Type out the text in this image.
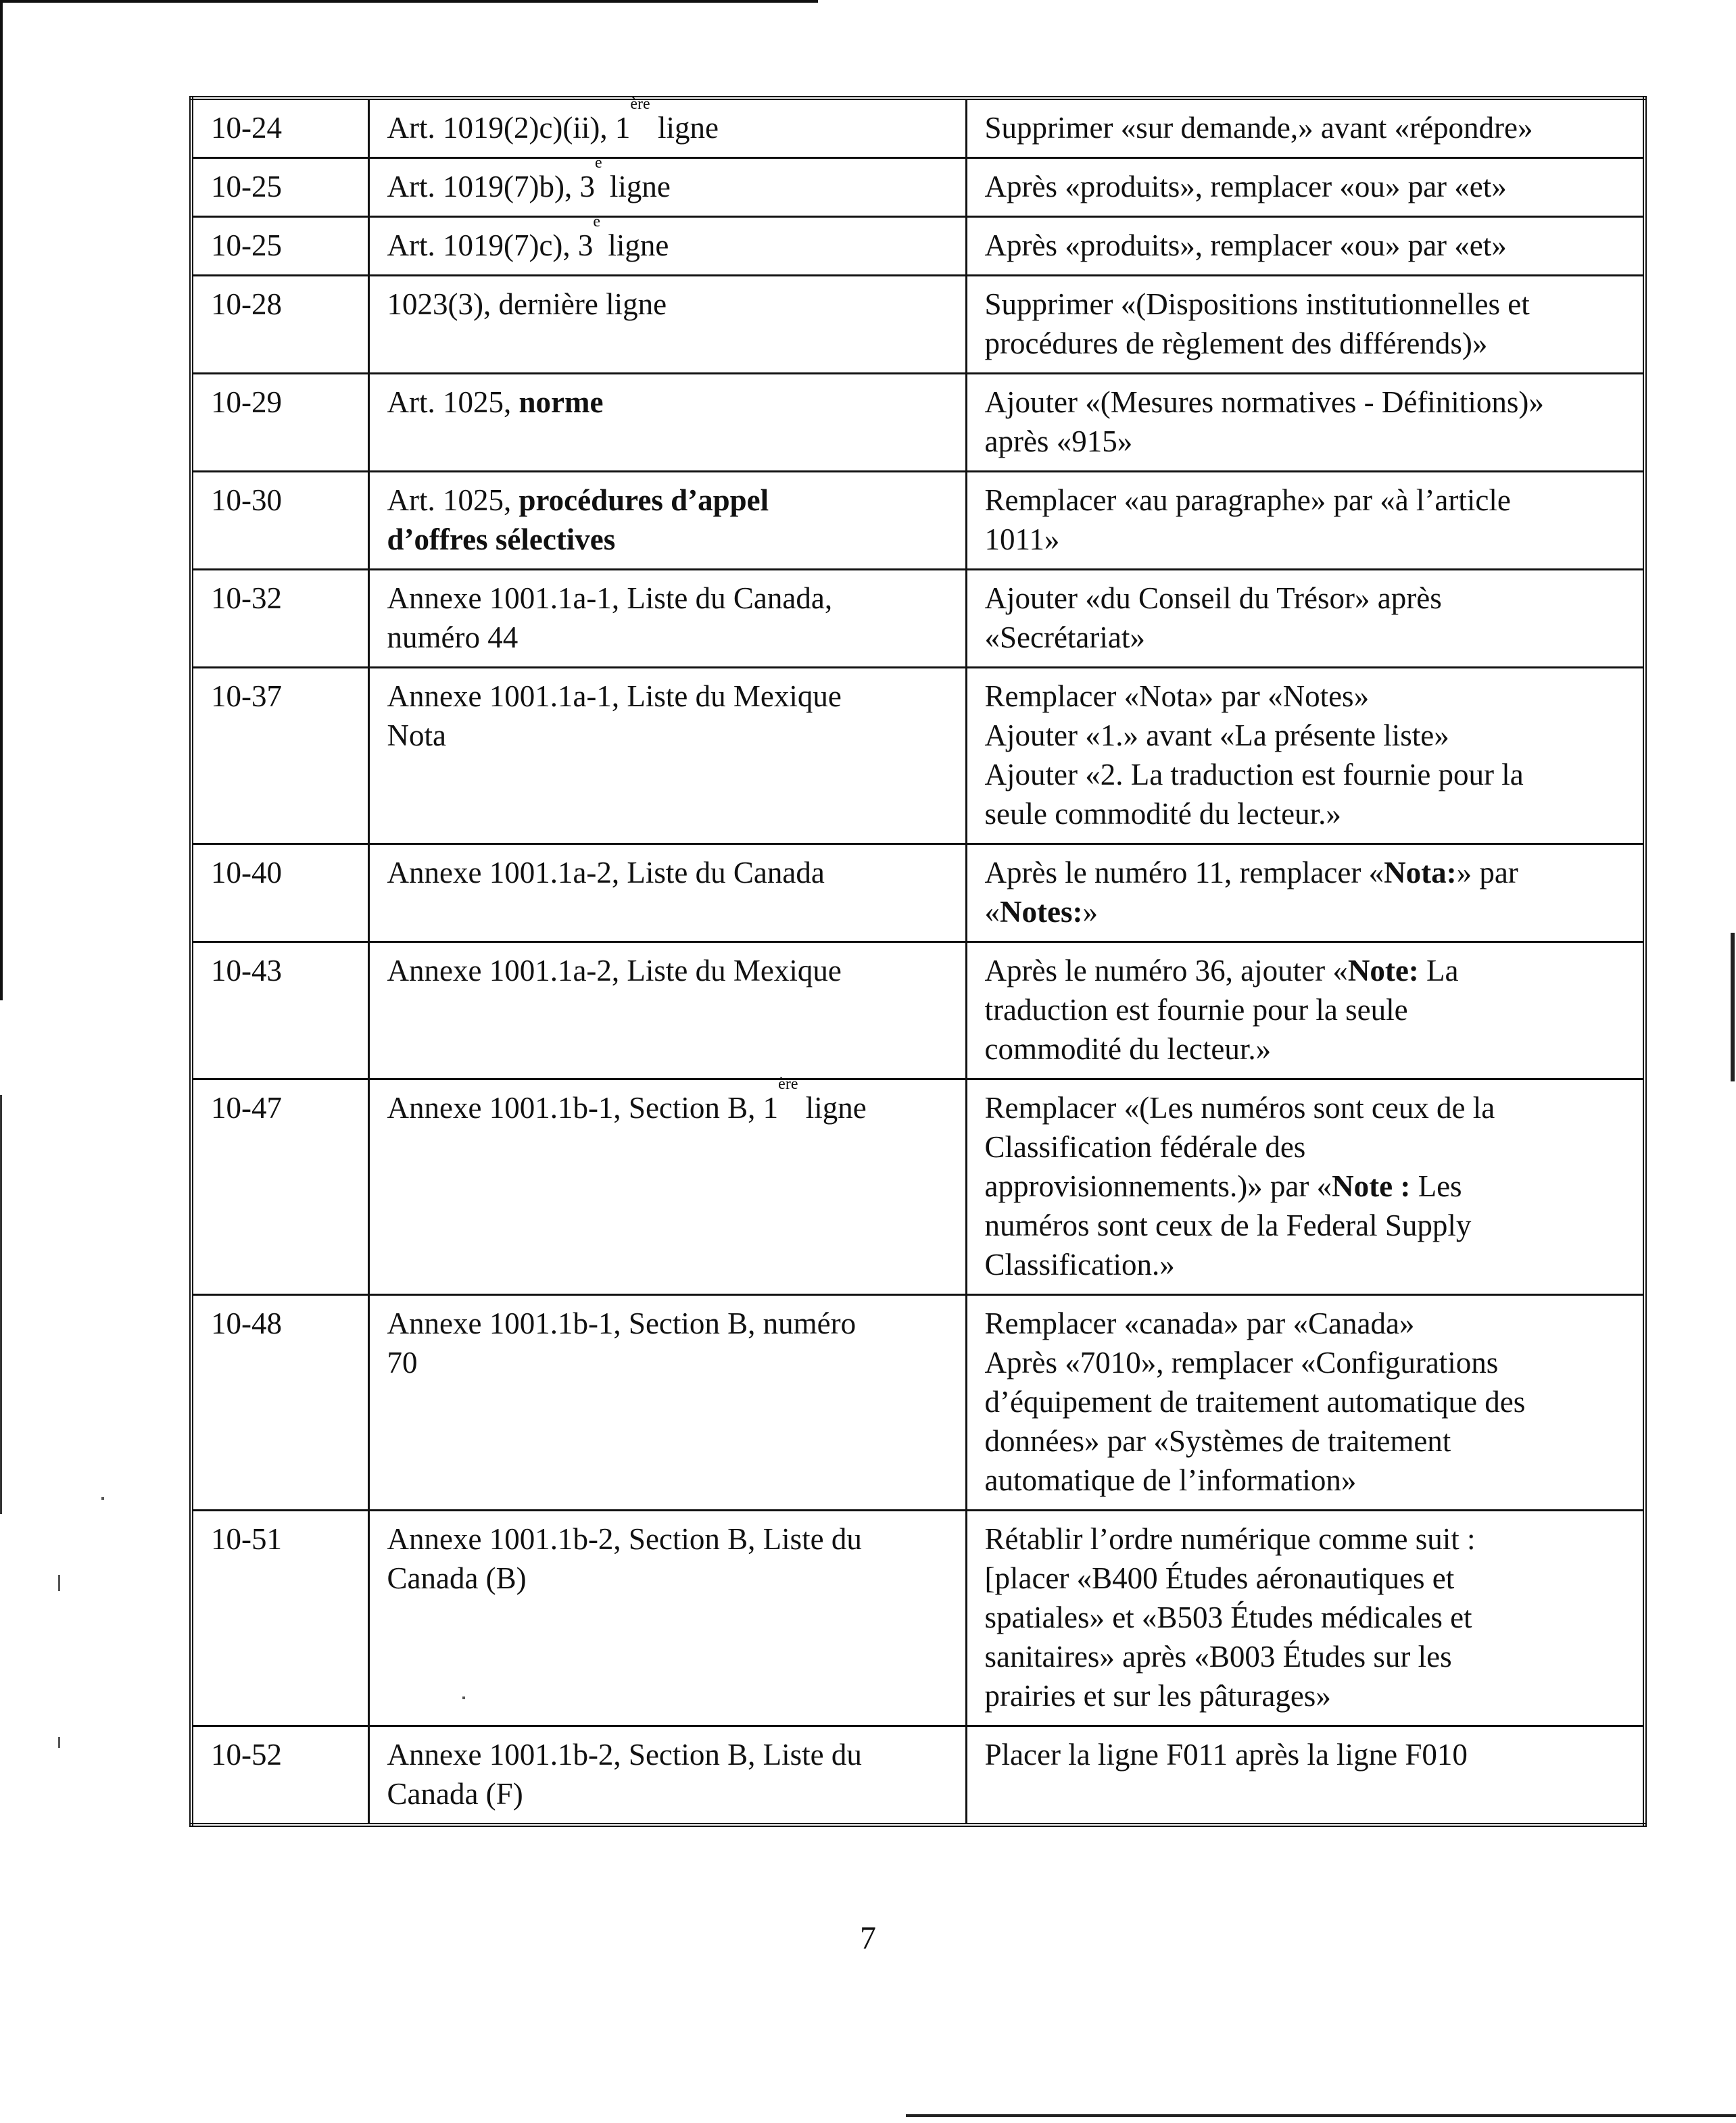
10-24	Art. 1019(2)c)(ii), 1ère ligne	Supprimer «sur demande,» avant «répondre»

10-25	Art. 1019(7)b), 3e ligne	Après «produits», remplacer «ou» par «et»

10-25	Art. 1019(7)c), 3e ligne	Après «produits», remplacer «ou» par «et»

10-28	1023(3), dernière ligne	Supprimer «(Dispositions institutionnelles et
procédures de règlement des différends)»

10-29	Art. 1025, norme	Ajouter «(Mesures normatives - Définitions)»
après «915»

10-30	Art. 1025, procédures d’appel
d’offres sélectives	Remplacer «au paragraphe» par «à l’article
1011»

10-32	Annexe 1001.1a-1, Liste du Canada,
numéro 44	Ajouter «du Conseil du Trésor» après
«Secrétariat»

10-37	Annexe 1001.1a-1, Liste du Mexique
Nota	Remplacer «Nota» par «Notes»
Ajouter «1.» avant «La présente liste»
Ajouter «2. La traduction est fournie pour la
seule commodité du lecteur.»

10-40	Annexe 1001.1a-2, Liste du Canada	Après le numéro 11, remplacer «Nota:» par
«Notes:»

10-43	Annexe 1001.1a-2, Liste du Mexique	Après le numéro 36, ajouter «Note: La
traduction est fournie pour la seule
commodité du lecteur.»

10-47	Annexe 1001.1b-1, Section B, 1ère ligne	Remplacer «(Les numéros sont ceux de la
Classification fédérale des
approvisionnements.)» par «Note : Les
numéros sont ceux de la Federal Supply
Classification.»

10-48	Annexe 1001.1b-1, Section B, numéro
70	Remplacer «canada» par «Canada»
Après «7010», remplacer «Configurations
d’équipement de traitement automatique des
données» par «Systèmes de traitement
automatique de l’information»

10-51	Annexe 1001.1b-2, Section B, Liste du
Canada (B)	Rétablir l’ordre numérique comme suit :
[placer «B400 Études aéronautiques et
spatiales» et «B503 Études médicales et
sanitaires» après «B003 Études sur les
prairies et sur les pâturages»

10-52	Annexe 1001.1b-2, Section B, Liste du
Canada (F)	Placer la ligne F011 après la ligne F010
7
